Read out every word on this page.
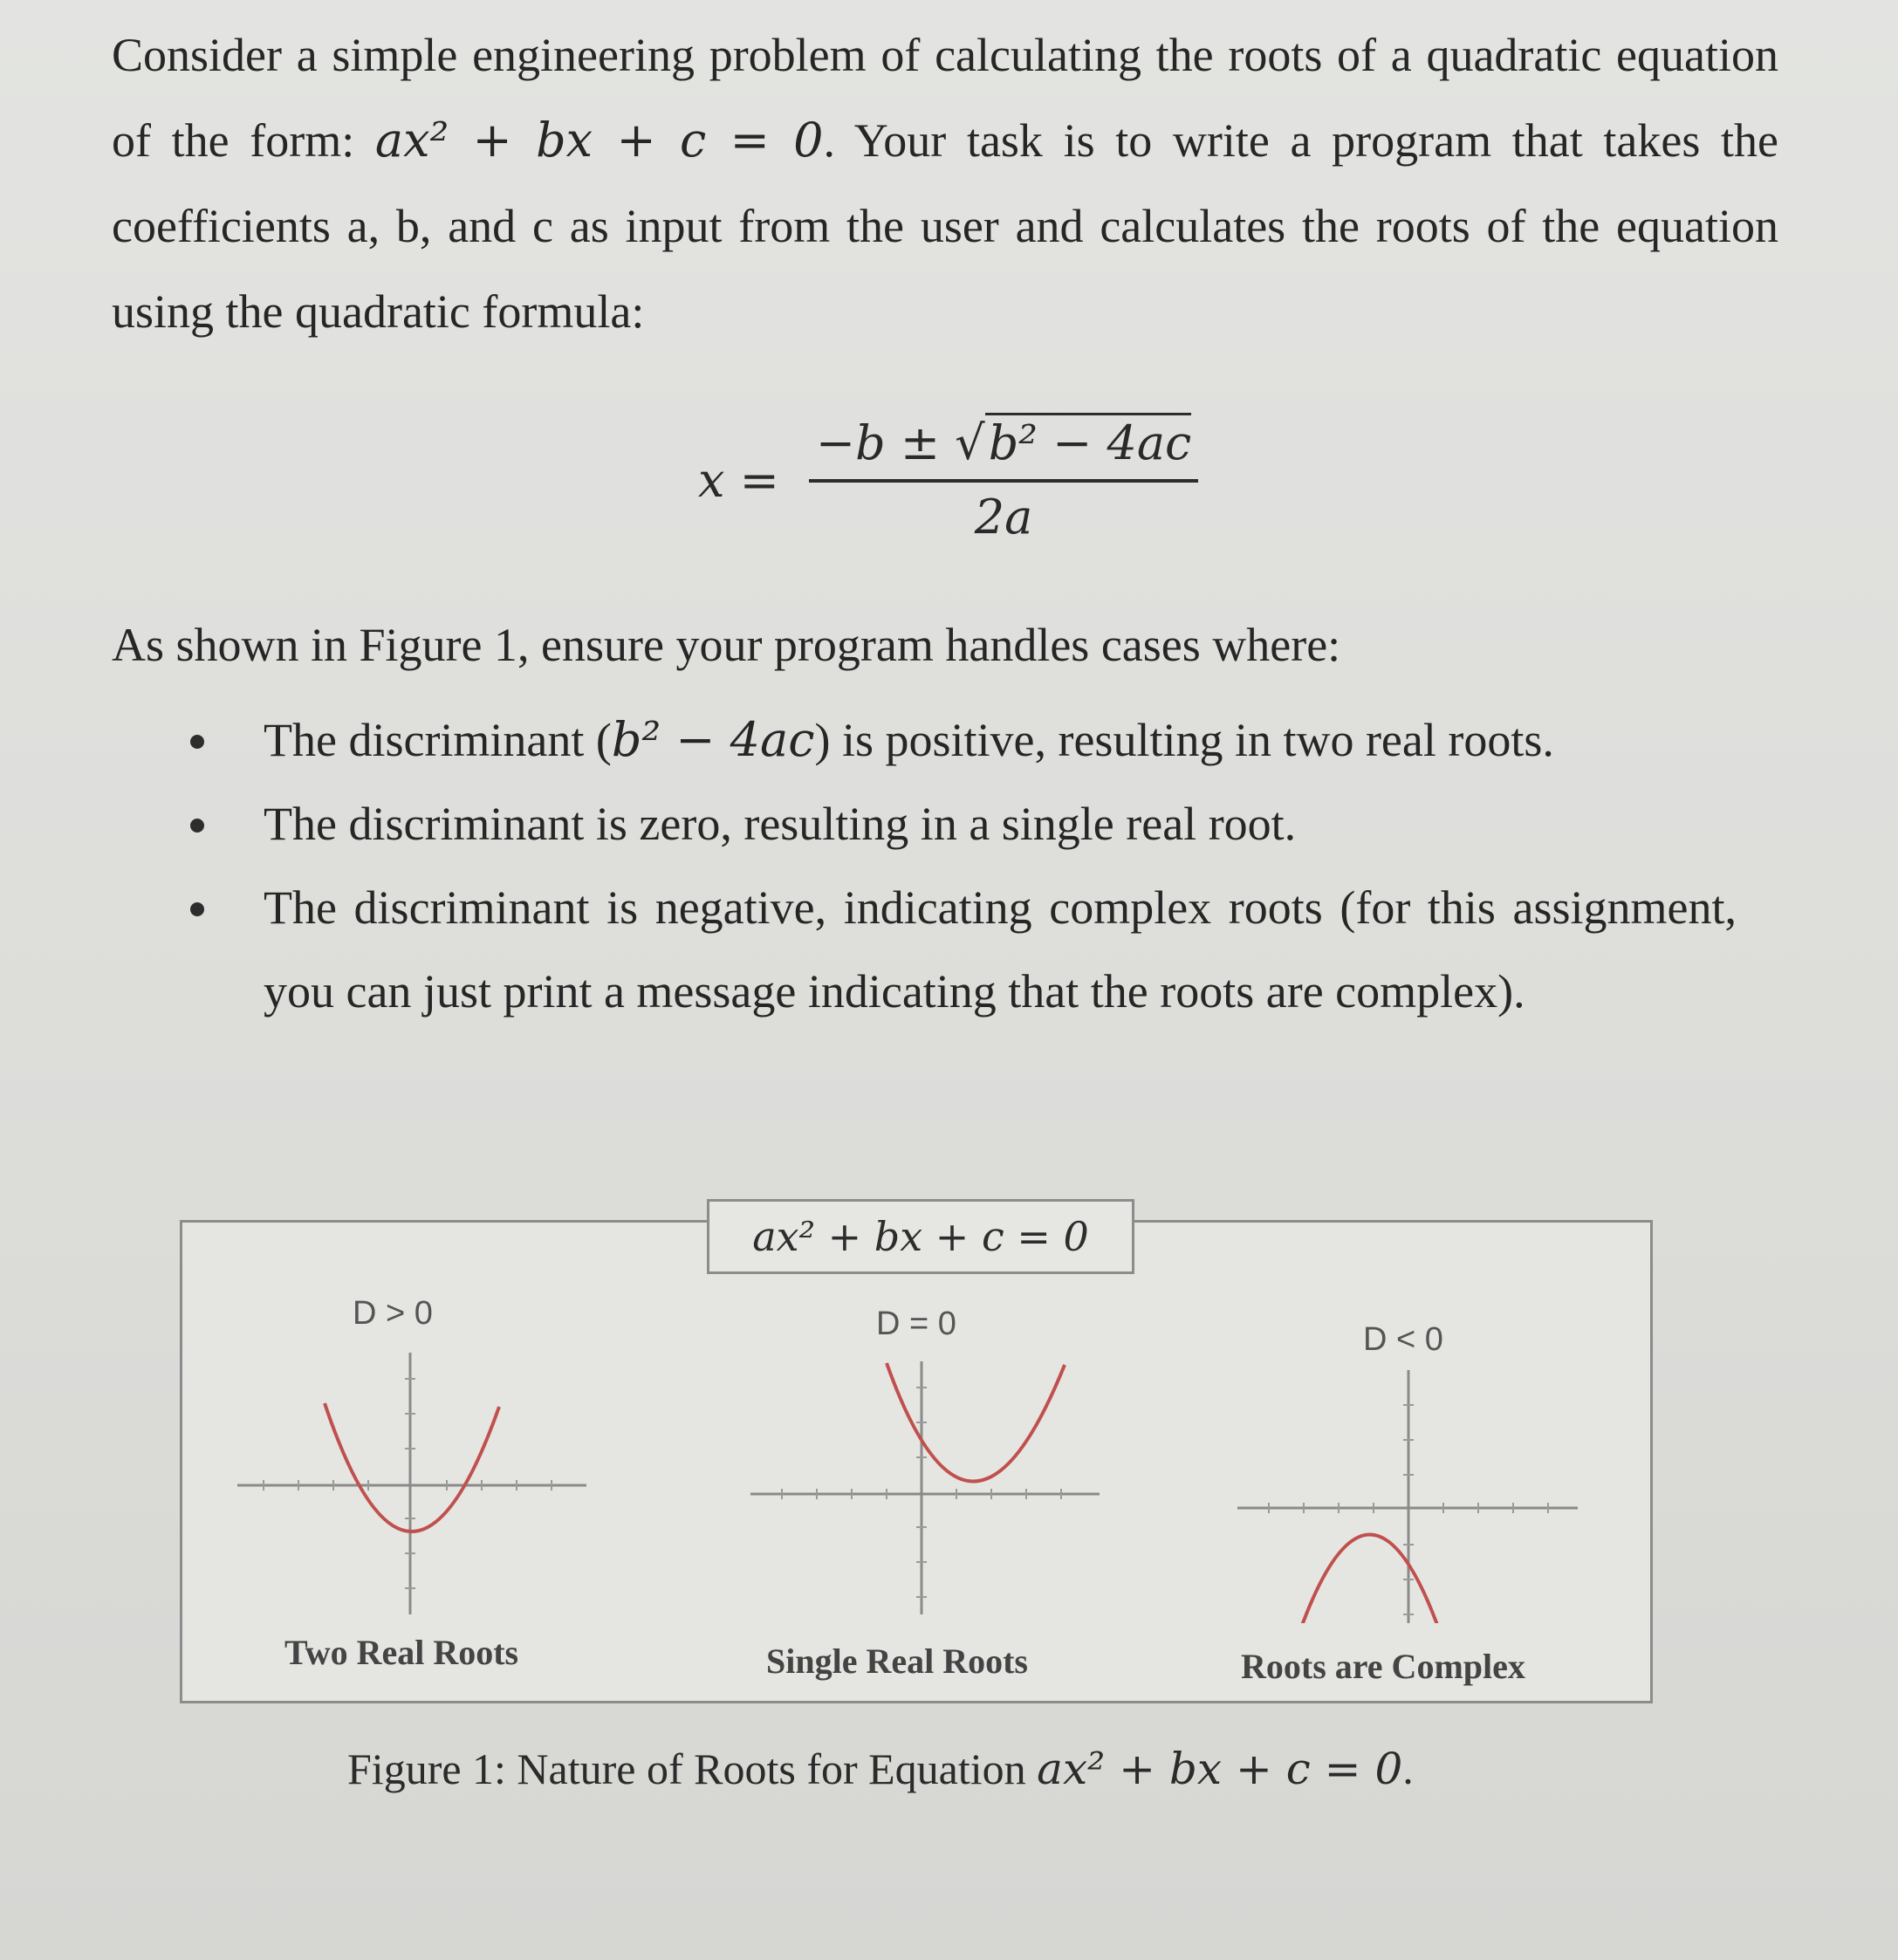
Consider a simple engineering problem of calculating the roots of a quadratic equation of the form: ax² + bx + c = 0. Your task is to write a program that takes the coefficients a, b, and c as input from the user and calculates the roots of the equation using the quadratic formula:

$x = \frac{\text{−b ± √b² − 4ac}}{2a}$

As shown in Figure 1, ensure your program handles cases where:

The discriminant (b² − 4ac) is positive, resulting in two real roots.
The discriminant is zero, resulting in a single real root.
The discriminant is negative, indicating complex roots (for this assignment, you can just print a message indicating that the roots are complex).
ax² + bx + c = 0
D > 0
Two Real Roots
D = 0
Single Real Roots
D < 0
Roots are Complex
Figure 1: Nature of Roots for Equation ax² + bx + c = 0.
